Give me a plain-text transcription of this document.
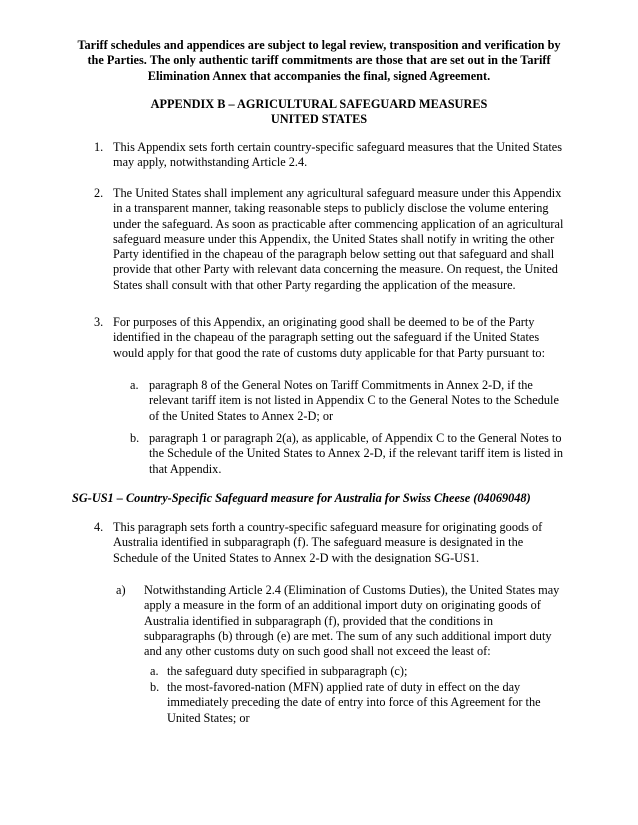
Tariff schedules and appendices are subject to legal review, transposition and verification by the Parties. The only authentic tariff commitments are those that are set out in the Tariff Elimination Annex that accompanies the final, signed Agreement.
APPENDIX B – AGRICULTURAL SAFEGUARD MEASURES
UNITED STATES
1. This Appendix sets forth certain country-specific safeguard measures that the United States may apply, notwithstanding Article 2.4.
2. The United States shall implement any agricultural safeguard measure under this Appendix in a transparent manner, taking reasonable steps to publicly disclose the volume entering under the safeguard. As soon as practicable after commencing application of an agricultural safeguard measure under this Appendix, the United States shall notify in writing the other Party identified in the chapeau of the paragraph below setting out that safeguard and shall provide that other Party with relevant data concerning the measure. On request, the United States shall consult with that other Party regarding the application of the measure.
3. For purposes of this Appendix, an originating good shall be deemed to be of the Party identified in the chapeau of the paragraph setting out the safeguard if the United States would apply for that good the rate of customs duty applicable for that Party pursuant to:
a. paragraph 8 of the General Notes on Tariff Commitments in Annex 2-D, if the relevant tariff item is not listed in Appendix C to the General Notes to the Schedule of the United States to Annex 2-D; or
b. paragraph 1 or paragraph 2(a), as applicable, of Appendix C to the General Notes to the Schedule of the United States to Annex 2-D, if the relevant tariff item is listed in that Appendix.
SG-US1 – Country-Specific Safeguard measure for Australia for Swiss Cheese (04069048)
4. This paragraph sets forth a country-specific safeguard measure for originating goods of Australia identified in subparagraph (f). The safeguard measure is designated in the Schedule of the United States to Annex 2-D with the designation SG-US1.
a) Notwithstanding Article 2.4 (Elimination of Customs Duties), the United States may apply a measure in the form of an additional import duty on originating goods of Australia identified in subparagraph (f), provided that the conditions in subparagraphs (b) through (e) are met. The sum of any such additional import duty and any other customs duty on such good shall not exceed the least of:
a. the safeguard duty specified in subparagraph (c);
b. the most-favored-nation (MFN) applied rate of duty in effect on the day immediately preceding the date of entry into force of this Agreement for the United States; or
